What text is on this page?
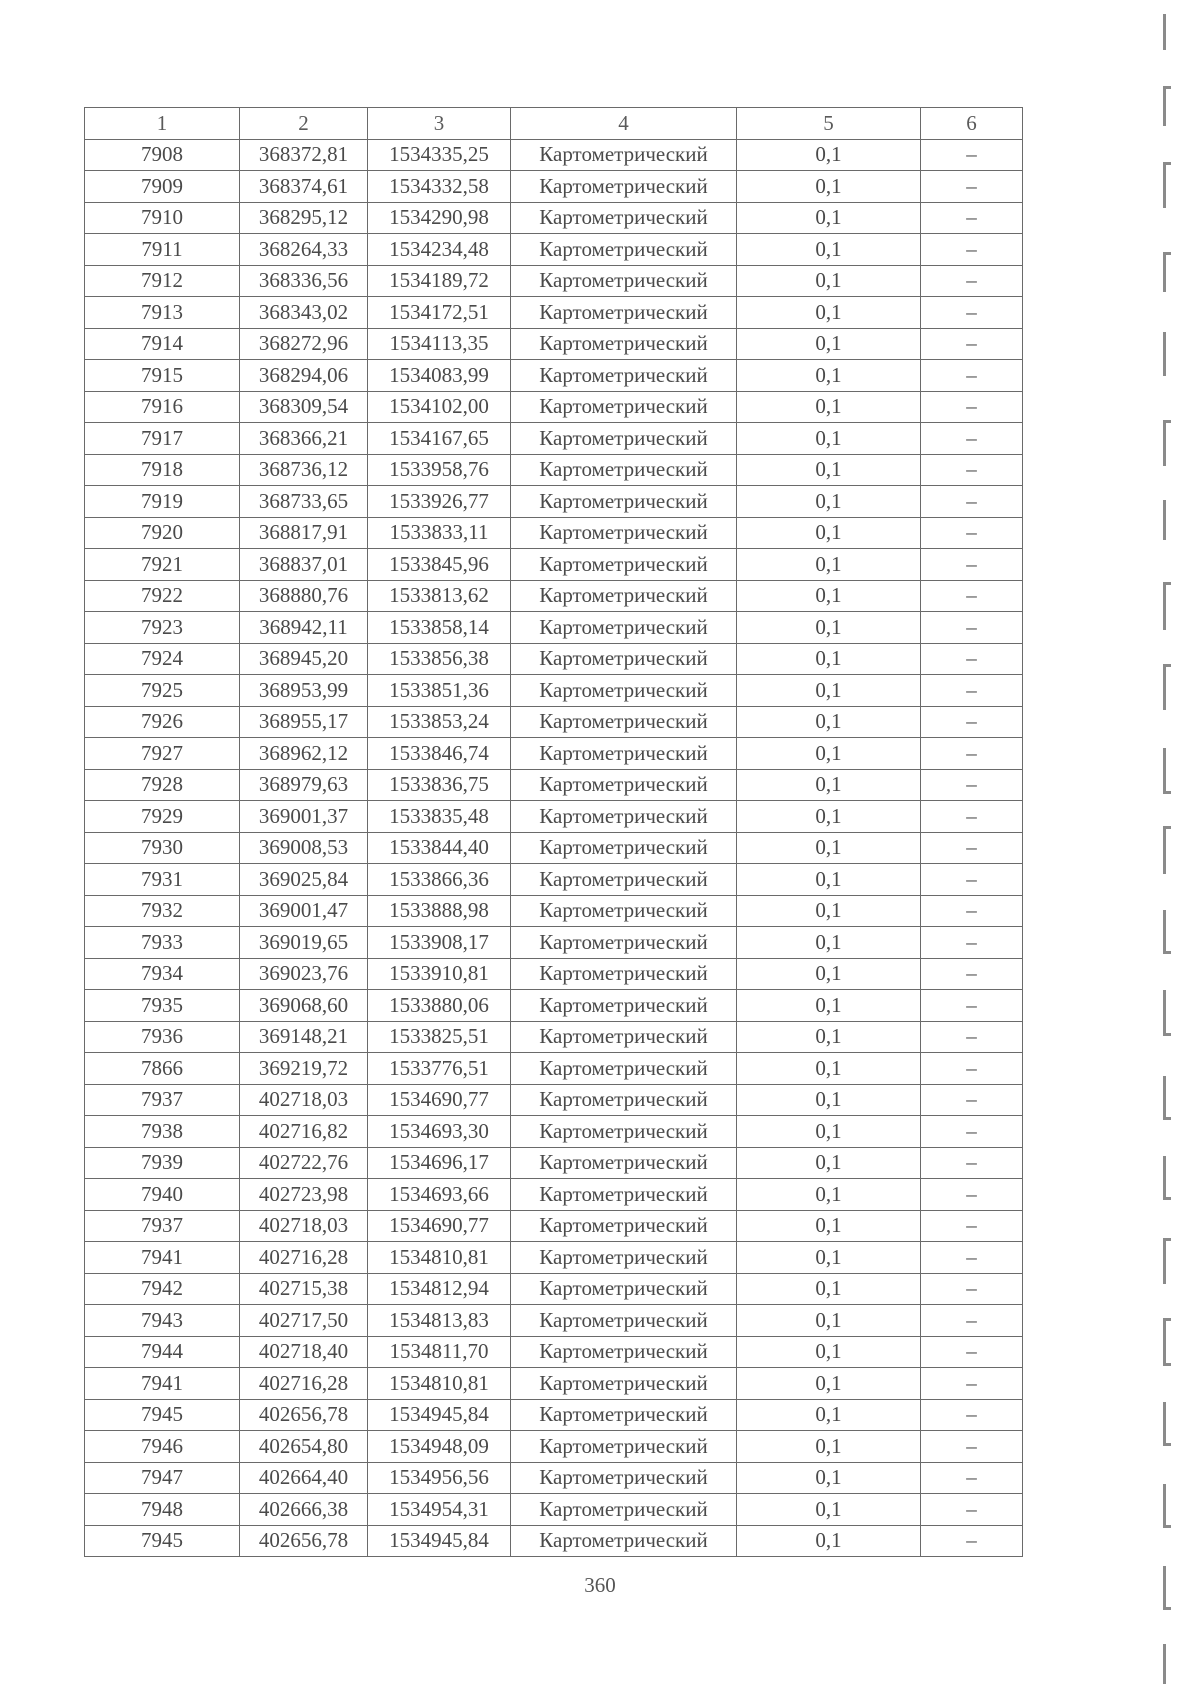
1	2	3	4	5	6
7908	368372,81	1534335,25	Картометрический	0,1	–
7909	368374,61	1534332,58	Картометрический	0,1	–
7910	368295,12	1534290,98	Картометрический	0,1	–
7911	368264,33	1534234,48	Картометрический	0,1	–
7912	368336,56	1534189,72	Картометрический	0,1	–
7913	368343,02	1534172,51	Картометрический	0,1	–
7914	368272,96	1534113,35	Картометрический	0,1	–
7915	368294,06	1534083,99	Картометрический	0,1	–
7916	368309,54	1534102,00	Картометрический	0,1	–
7917	368366,21	1534167,65	Картометрический	0,1	–
7918	368736,12	1533958,76	Картометрический	0,1	–
7919	368733,65	1533926,77	Картометрический	0,1	–
7920	368817,91	1533833,11	Картометрический	0,1	–
7921	368837,01	1533845,96	Картометрический	0,1	–
7922	368880,76	1533813,62	Картометрический	0,1	–
7923	368942,11	1533858,14	Картометрический	0,1	–
7924	368945,20	1533856,38	Картометрический	0,1	–
7925	368953,99	1533851,36	Картометрический	0,1	–
7926	368955,17	1533853,24	Картометрический	0,1	–
7927	368962,12	1533846,74	Картометрический	0,1	–
7928	368979,63	1533836,75	Картометрический	0,1	–
7929	369001,37	1533835,48	Картометрический	0,1	–
7930	369008,53	1533844,40	Картометрический	0,1	–
7931	369025,84	1533866,36	Картометрический	0,1	–
7932	369001,47	1533888,98	Картометрический	0,1	–
7933	369019,65	1533908,17	Картометрический	0,1	–
7934	369023,76	1533910,81	Картометрический	0,1	–
7935	369068,60	1533880,06	Картометрический	0,1	–
7936	369148,21	1533825,51	Картометрический	0,1	–
7866	369219,72	1533776,51	Картометрический	0,1	–
7937	402718,03	1534690,77	Картометрический	0,1	–
7938	402716,82	1534693,30	Картометрический	0,1	–
7939	402722,76	1534696,17	Картометрический	0,1	–
7940	402723,98	1534693,66	Картометрический	0,1	–
7937	402718,03	1534690,77	Картометрический	0,1	–
7941	402716,28	1534810,81	Картометрический	0,1	–
7942	402715,38	1534812,94	Картометрический	0,1	–
7943	402717,50	1534813,83	Картометрический	0,1	–
7944	402718,40	1534811,70	Картометрический	0,1	–
7941	402716,28	1534810,81	Картометрический	0,1	–
7945	402656,78	1534945,84	Картометрический	0,1	–
7946	402654,80	1534948,09	Картометрический	0,1	–
7947	402664,40	1534956,56	Картометрический	0,1	–
7948	402666,38	1534954,31	Картометрический	0,1	–
7945	402656,78	1534945,84	Картометрический	0,1	–
360
